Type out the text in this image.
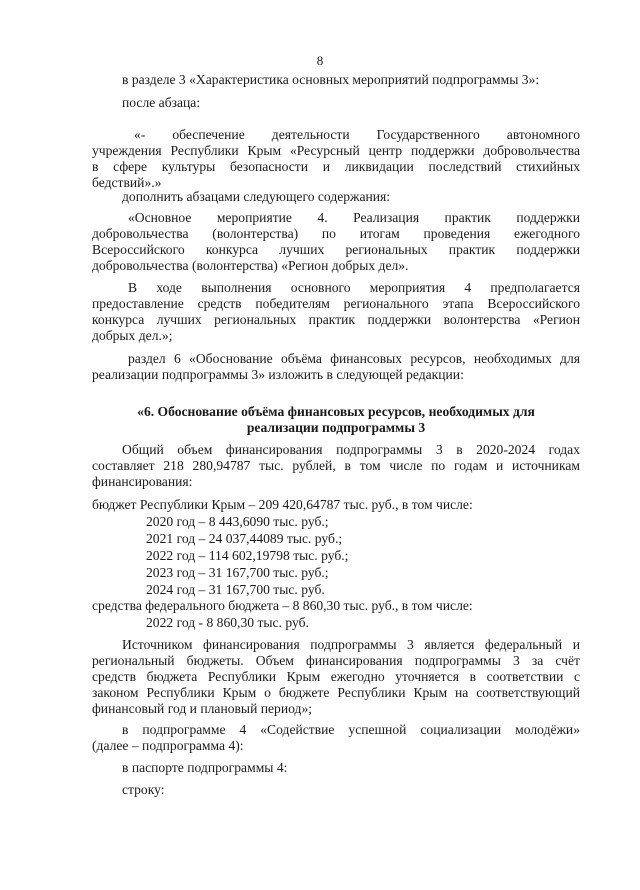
8
в разделе 3 «Характеристика основных мероприятий подпрограммы 3»:
после абзаца:
«- обеспечение деятельности Государственного автономного
учреждения Республики Крым «Ресурсный центр поддержки добровольчества
в сфере культуры безопасности и ликвидации последствий стихийных
бедствий».»
дополнить абзацами следующего содержания:
«Основное мероприятие 4. Реализация практик поддержки
добровольчества (волонтерства) по итогам проведения ежегодного
Всероссийского конкурса лучших региональных практик поддержки
добровольчества (волонтерства) «Регион добрых дел».
В ходе выполнения основного мероприятия 4 предполагается
предоставление средств победителям регионального этапа Всероссийского
конкурса лучших региональных практик поддержки волонтерства «Регион
добрых дел.»;
раздел 6 «Обоснование объёма финансовых ресурсов, необходимых для
реализации подпрограммы 3» изложить в следующей редакции:
«6. Обоснование объёма финансовых ресурсов, необходимых для
реализации подпрограммы 3
Общий объем финансирования подпрограммы 3 в 2020-2024 годах
составляет 218 280,94787 тыс. рублей, в том числе по годам и источникам
финансирования:
бюджет Республики Крым – 209 420,64787 тыс. руб., в том числе:
2020 год – 8 443,6090 тыс. руб.;
2021 год – 24 037,44089 тыс. руб.;
2022 год – 114 602,19798 тыс. руб.;
2023 год – 31 167,700 тыс. руб.;
2024 год – 31 167,700 тыс. руб.
средства федерального бюджета – 8 860,30 тыс. руб., в том числе:
2022 год - 8 860,30 тыс. руб.
Источником финансирования подпрограммы 3 является федеральный и
региональный бюджеты. Объем финансирования подпрограммы 3 за счёт
средств бюджета Республики Крым ежегодно уточняется в соответствии с
законом Республики Крым о бюджете Республики Крым на соответствующий
финансовый год и плановый период»;
в подпрограмме 4 «Содействие успешной социализации молодёжи»
(далее – подпрограмма 4):
в паспорте подпрограммы 4:
строку:
